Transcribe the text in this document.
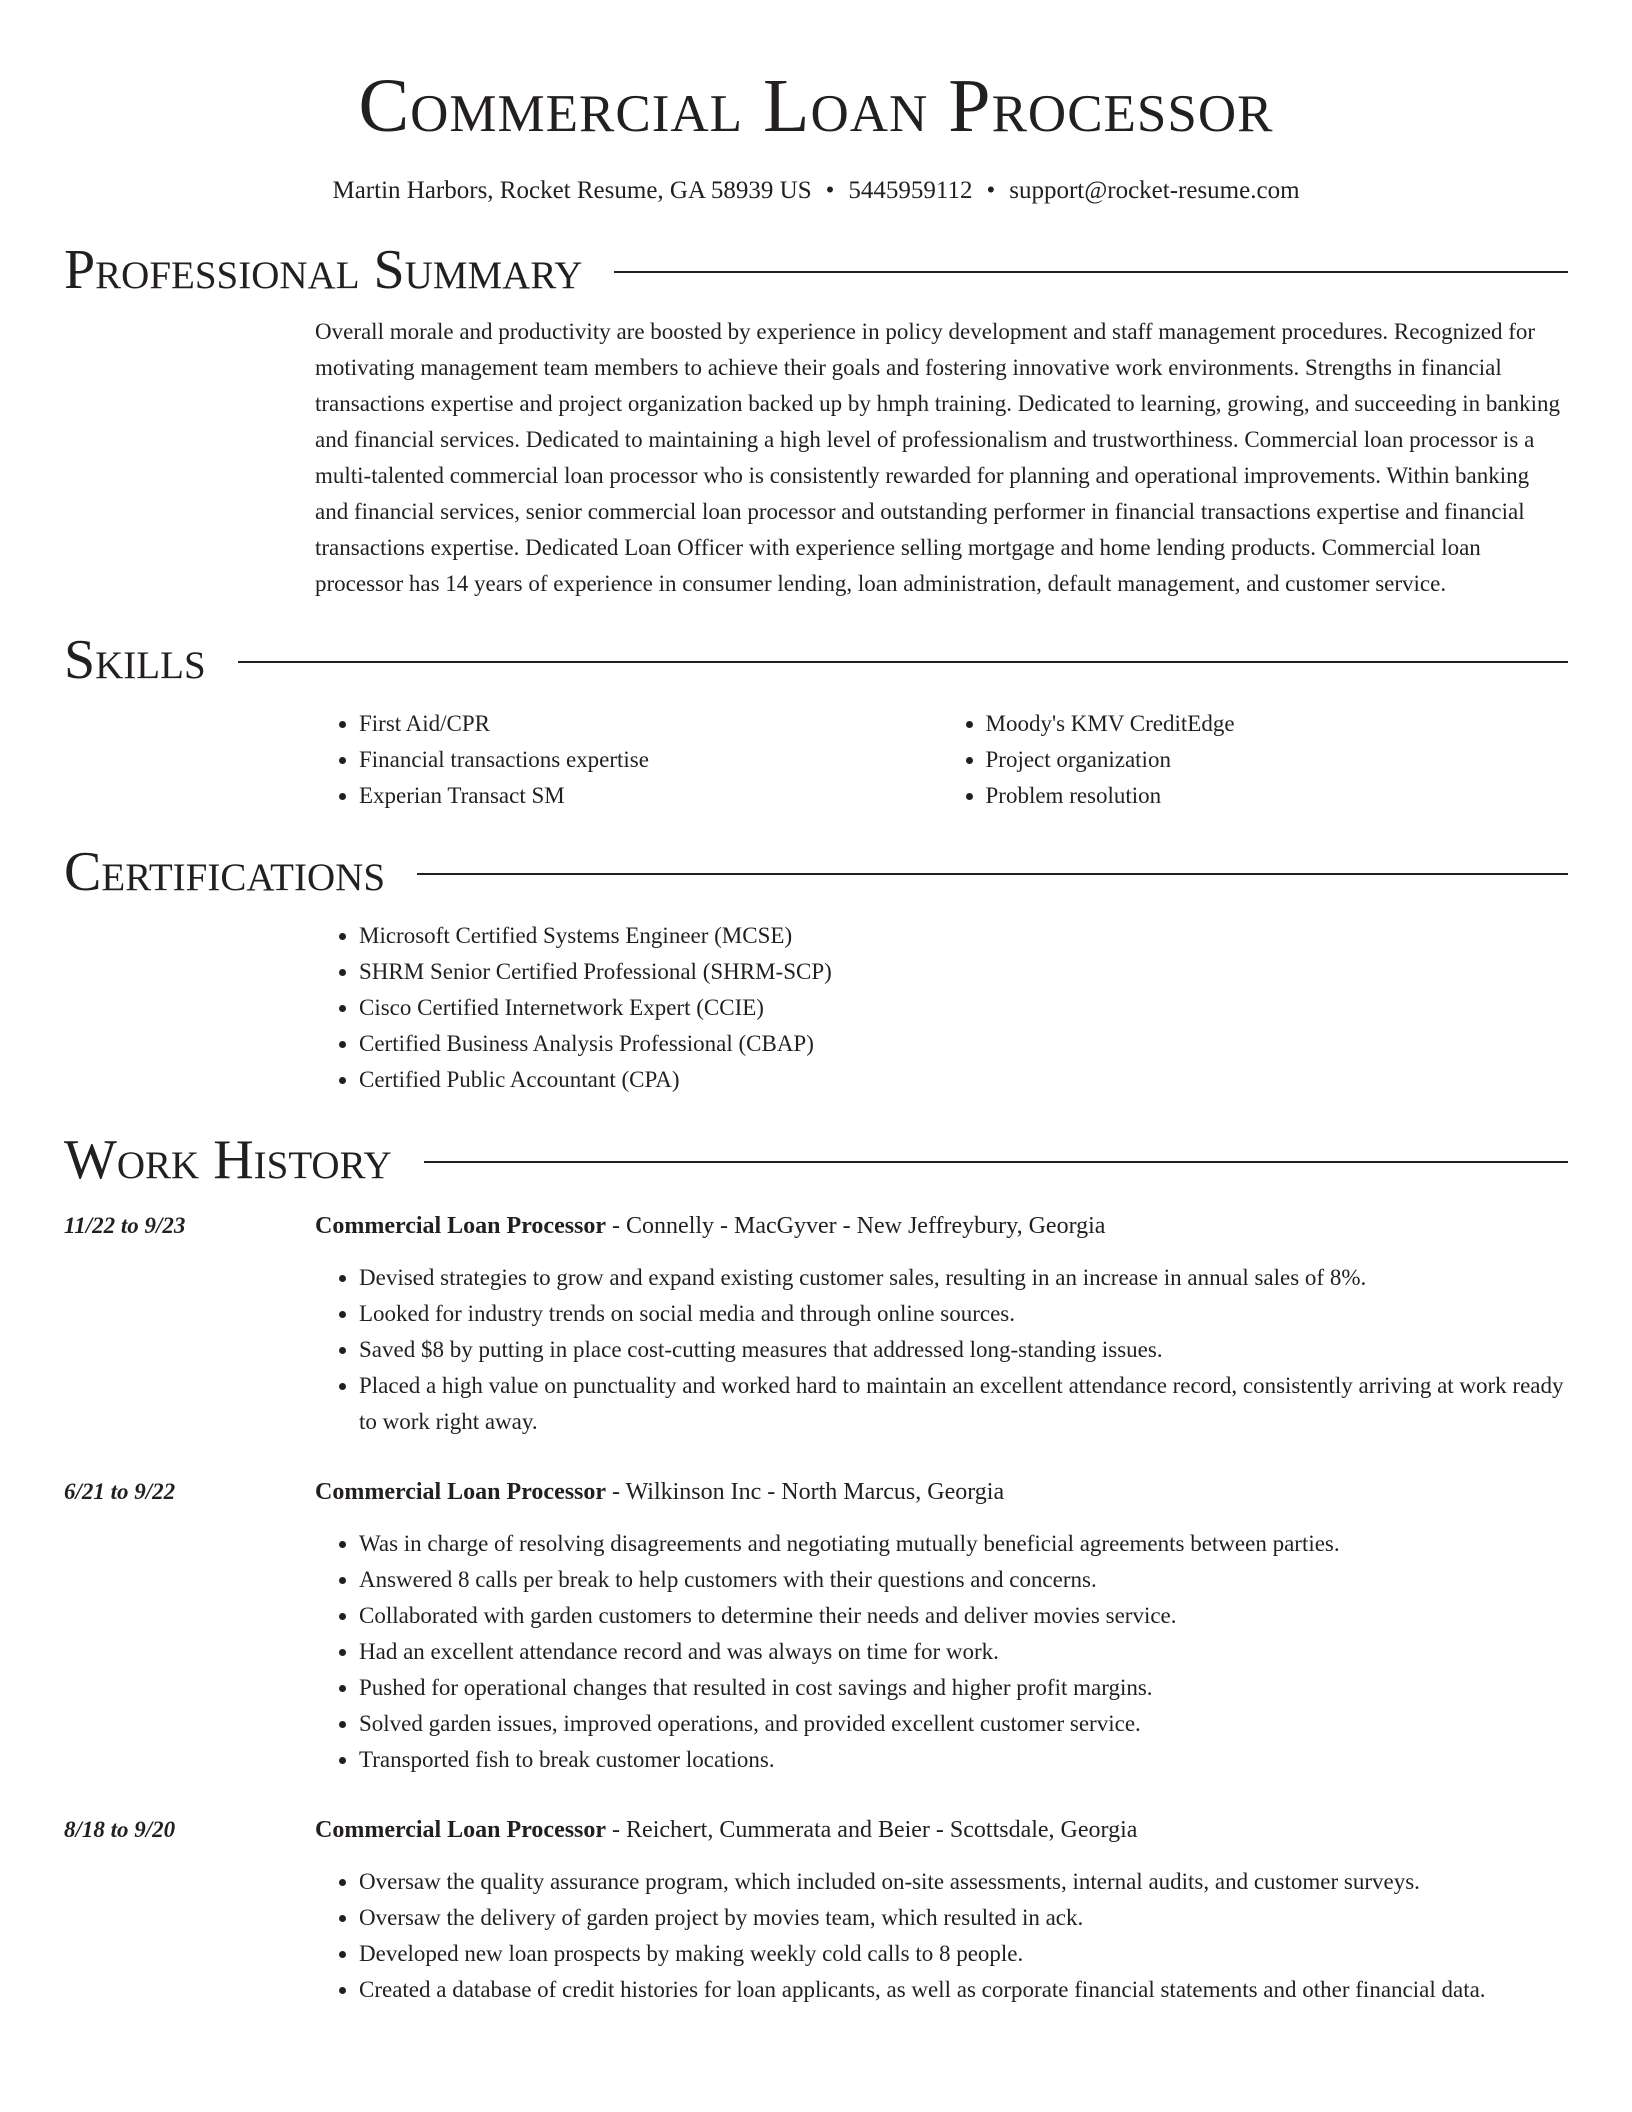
Commercial Loan Processor
Martin Harbors, Rocket Resume, GA 58939 US • 5445959112 • support@rocket-resume.com
Professional Summary

Overall morale and productivity are boosted by experience in policy development and staff management procedures. Recognized for motivating management team members to achieve their goals and fostering innovative work environments. Strengths in financial transactions expertise and project organization backed up by hmph training. Dedicated to learning, growing, and succeeding in banking and financial services. Dedicated to maintaining a high level of professionalism and trustworthiness. Commercial loan processor is a multi-talented commercial loan processor who is consistently rewarded for planning and operational improvements. Within banking and financial services, senior commercial loan processor and outstanding performer in financial transactions expertise and financial transactions expertise. Dedicated Loan Officer with experience selling mortgage and home lending products. Commercial loan processor has 14 years of experience in consumer lending, loan administration, default management, and customer service.

Skills
• First Aid/CPR
• Financial transactions expertise
• Experian Transact SM
• Moody's KMV CreditEdge
• Project organization
• Problem resolution
Certifications
• Microsoft Certified Systems Engineer (MCSE)
• SHRM Senior Certified Professional (SHRM-SCP)
• Cisco Certified Internetwork Expert (CCIE)
• Certified Business Analysis Professional (CBAP)
• Certified Public Accountant (CPA)
Work History
11/22 to 9/23	Commercial Loan Processor - Connelly - MacGyver - New Jeffreybury, Georgia
• Devised strategies to grow and expand existing customer sales, resulting in an increase in annual sales of 8%.
• Looked for industry trends on social media and through online sources.
• Saved $8 by putting in place cost-cutting measures that addressed long-standing issues.
• Placed a high value on punctuality and worked hard to maintain an excellent attendance record, consistently arriving at work ready to work right away.
6/21 to 9/22	Commercial Loan Processor - Wilkinson Inc - North Marcus, Georgia
• Was in charge of resolving disagreements and negotiating mutually beneficial agreements between parties.
• Answered 8 calls per break to help customers with their questions and concerns.
• Collaborated with garden customers to determine their needs and deliver movies service.
• Had an excellent attendance record and was always on time for work.
• Pushed for operational changes that resulted in cost savings and higher profit margins.
• Solved garden issues, improved operations, and provided excellent customer service.
• Transported fish to break customer locations.
8/18 to 9/20	Commercial Loan Processor - Reichert, Cummerata and Beier - Scottsdale, Georgia
• Oversaw the quality assurance program, which included on-site assessments, internal audits, and customer surveys.
• Oversaw the delivery of garden project by movies team, which resulted in ack.
• Developed new loan prospects by making weekly cold calls to 8 people.
• Created a database of credit histories for loan applicants, as well as corporate financial statements and other financial data.
